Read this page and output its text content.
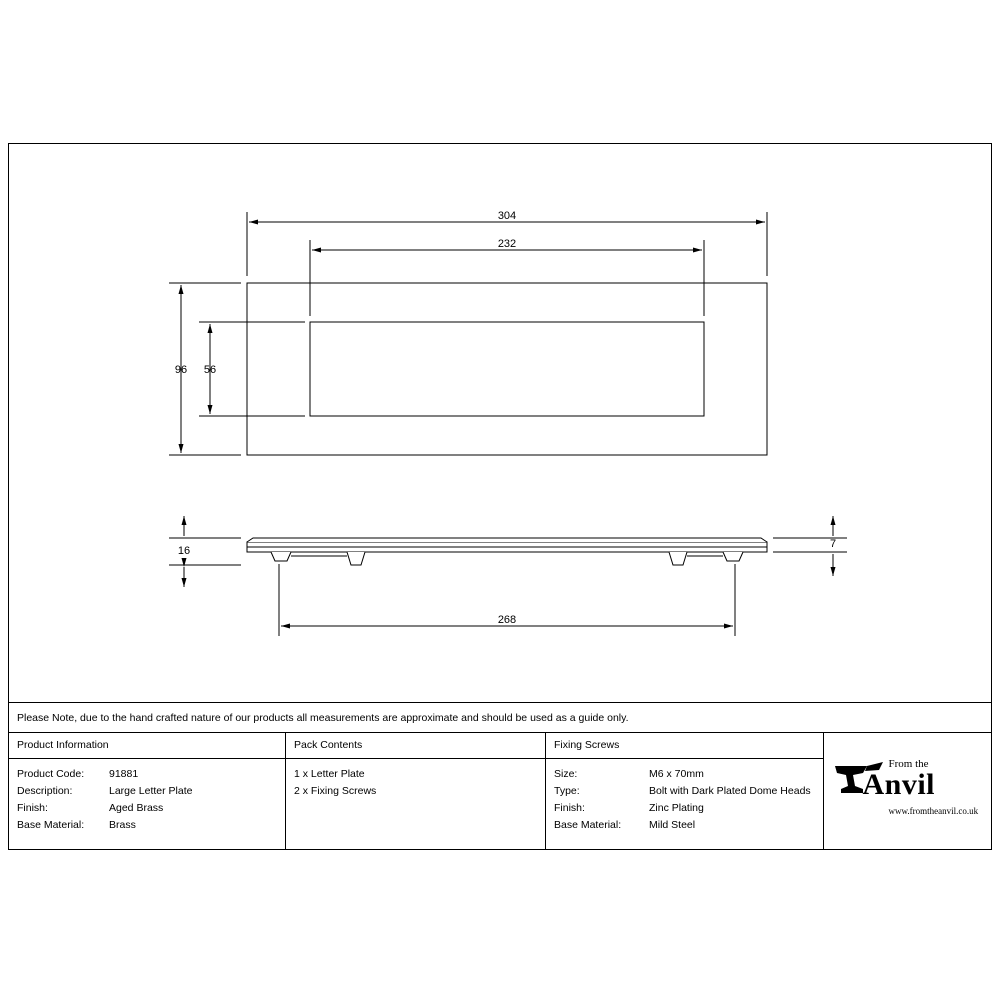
304
232
96 56
16
7
268
Please Note, due to the hand crafted nature of our products all measurements are approximate and should be used as a guide only.
Product Information
Product Code:	91881
Description:	Large Letter Plate
Finish:	Aged Brass
Base Material:	Brass
Pack Contents
1 x Letter Plate
2 x Fixing Screws
Fixing Screws
Size:	M6 x 70mm
Type:	Bolt with Dark Plated Dome Heads
Finish:	Zinc Plating
Base Material:	Mild Steel
From the
Anvil
www.fromtheanvil.co.uk
